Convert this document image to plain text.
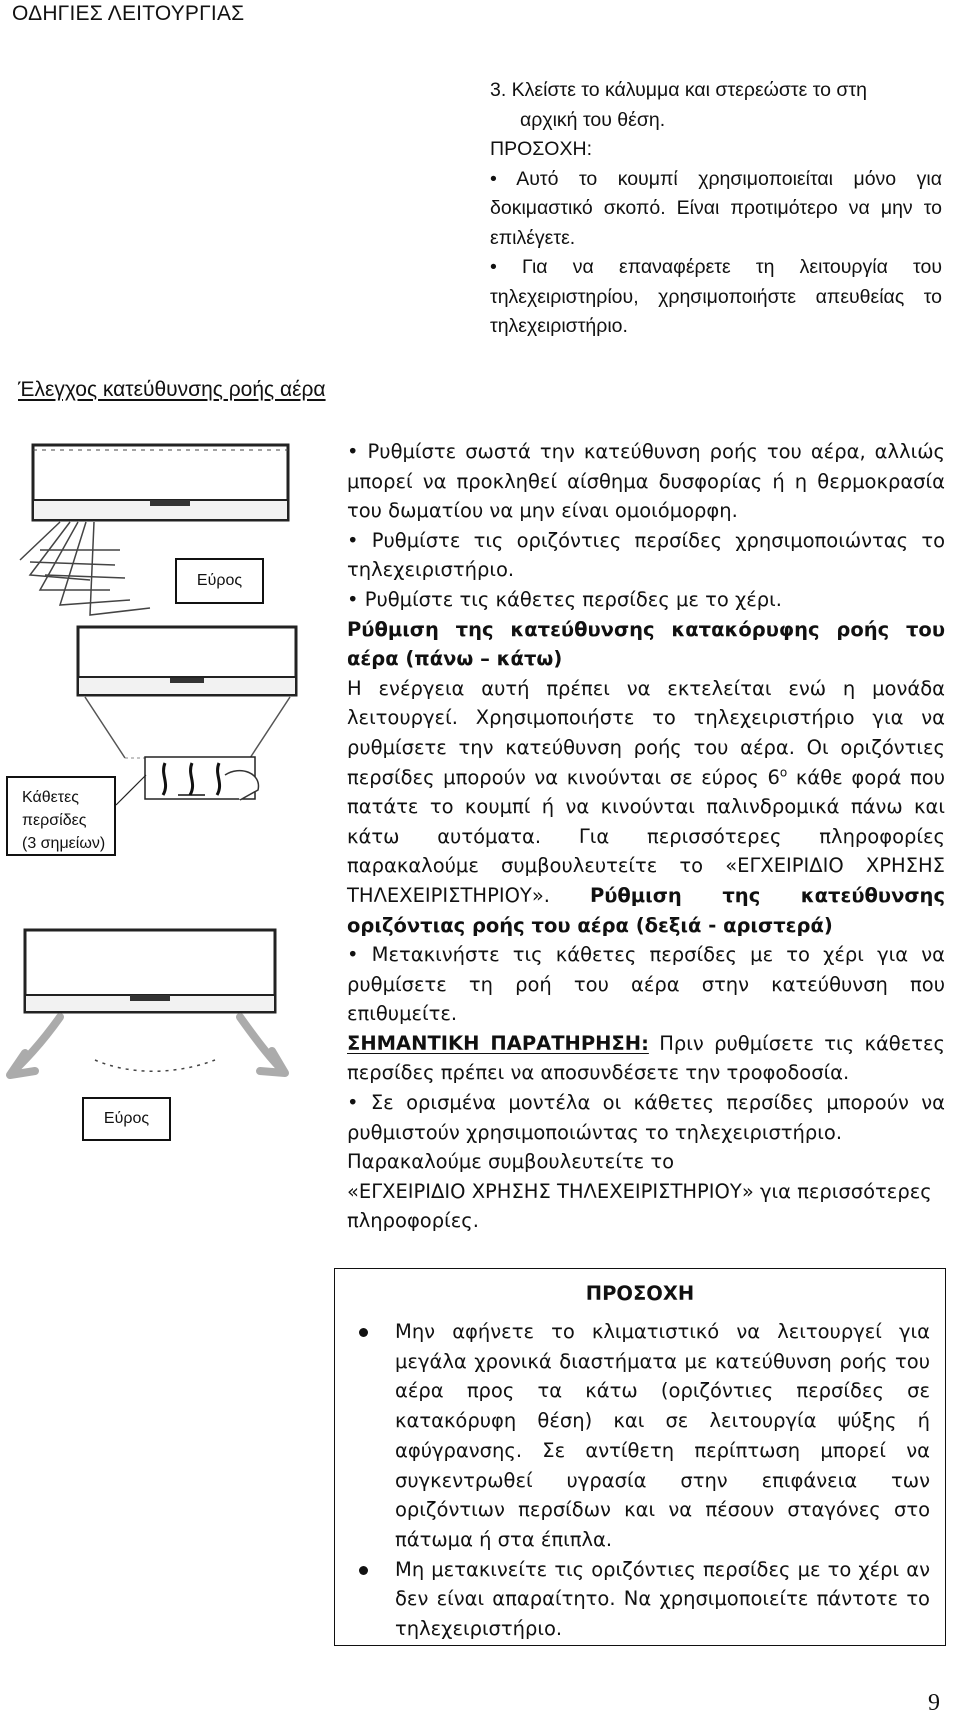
ΟΔΗΓΙΕΣ ΛΕΙΤΟΥΡΓΙΑΣ

3. Κλείστε το κάλυμμα και στερεώστε το στη

αρχική του θέση.

ΠΡΟΣΟΧΗ:

• Αυτό το κουμπί χρησιμοποιείται μόνο για δοκιμαστικό σκοπό. Είναι προτιμότερο να μην το επιλέγετε.

• Για να επαναφέρετε τη λειτουργία του τηλεχειριστηρίου, χρησιμοποιήστε απευθείας το τηλεχειριστήριο.

Έλεγχος κατεύθυνσης ροής αέρα
Εύρος
Κάθετες
περσίδες
(3 σημείων)
Εύρος

• Ρυθμίστε σωστά την κατεύθυνση ροής του αέρα, αλλιώς μπορεί να προκληθεί αίσθημα δυσφορίας ή η θερμοκρασία του δωματίου να μην είναι ομοιόμορφη.

• Ρυθμίστε τις οριζόντιες περσίδες χρησιμοποιώντας το τηλεχειριστήριο.

• Ρυθμίστε τις κάθετες περσίδες με το χέρι.

Ρύθμιση της κατεύθυνσης κατακόρυφης ροής του αέρα (πάνω – κάτω)

Η ενέργεια αυτή πρέπει να εκτελείται ενώ η μονάδα λειτουργεί. Χρησιμοποιήστε το τηλεχειριστήριο για να ρυθμίσετε την κατεύθυνση ροής του αέρα. Οι οριζόντιες περσίδες μπορούν να κινούνται σε εύρος $6^o$ κάθε φορά που πατάτε το κουμπί ή να κινούνται παλινδρομικά πάνω και κάτω αυτόματα. Για περισσότερες πληροφορίες παρακαλούμε συμβουλευτείτε το «ΕΓΧΕΙΡΙΔΙΟ ΧΡΗΣΗΣ ΤΗΛΕΧΕΙΡΙΣΤΗΡΙΟΥ». Ρύθμιση της κατεύθυνσης οριζόντιας ροής του αέρα (δεξιά - αριστερά)

• Μετακινήστε τις κάθετες περσίδες με το χέρι για να ρυθμίσετε τη ροή του αέρα στην κατεύθυνση που επιθυμείτε.

ΣΗΜΑΝΤΙΚΗ ΠΑΡΑΤΗΡΗΣΗ: Πριν ρυθμίσετε τις κάθετες περσίδες πρέπει να αποσυνδέσετε την τροφοδοσία.

• Σε ορισμένα μοντέλα οι κάθετες περσίδες μπορούν να ρυθμιστούν χρησιμοποιώντας το τηλεχειριστήριο.

Παρακαλούμε συμβουλευτείτε το

«ΕΓΧΕΙΡΙΔΙΟ ΧΡΗΣΗΣ ΤΗΛΕΧΕΙΡΙΣΤΗΡΙΟΥ» για περισσότερες πληροφορίες.

ΠΡΟΣΟΧΗ
Μην αφήνετε το κλιματιστικό να λειτουργεί για μεγάλα χρονικά διαστήματα με κατεύθυνση ροής του αέρα προς τα κάτω (οριζόντιες περσίδες σε κατακόρυφη θέση) και σε λειτουργία ψύξης ή αφύγρανσης. Σε αντίθετη περίπτωση μπορεί να συγκεντρωθεί υγρασία στην επιφάνεια των οριζόντιων περσίδων και να πέσουν σταγόνες στο πάτωμα ή στα έπιπλα.
Μη μετακινείτε τις οριζόντιες περσίδες με το χέρι αν δεν είναι απαραίτητο. Να χρησιμοποιείτε πάντοτε το τηλεχειριστήριο.
9
